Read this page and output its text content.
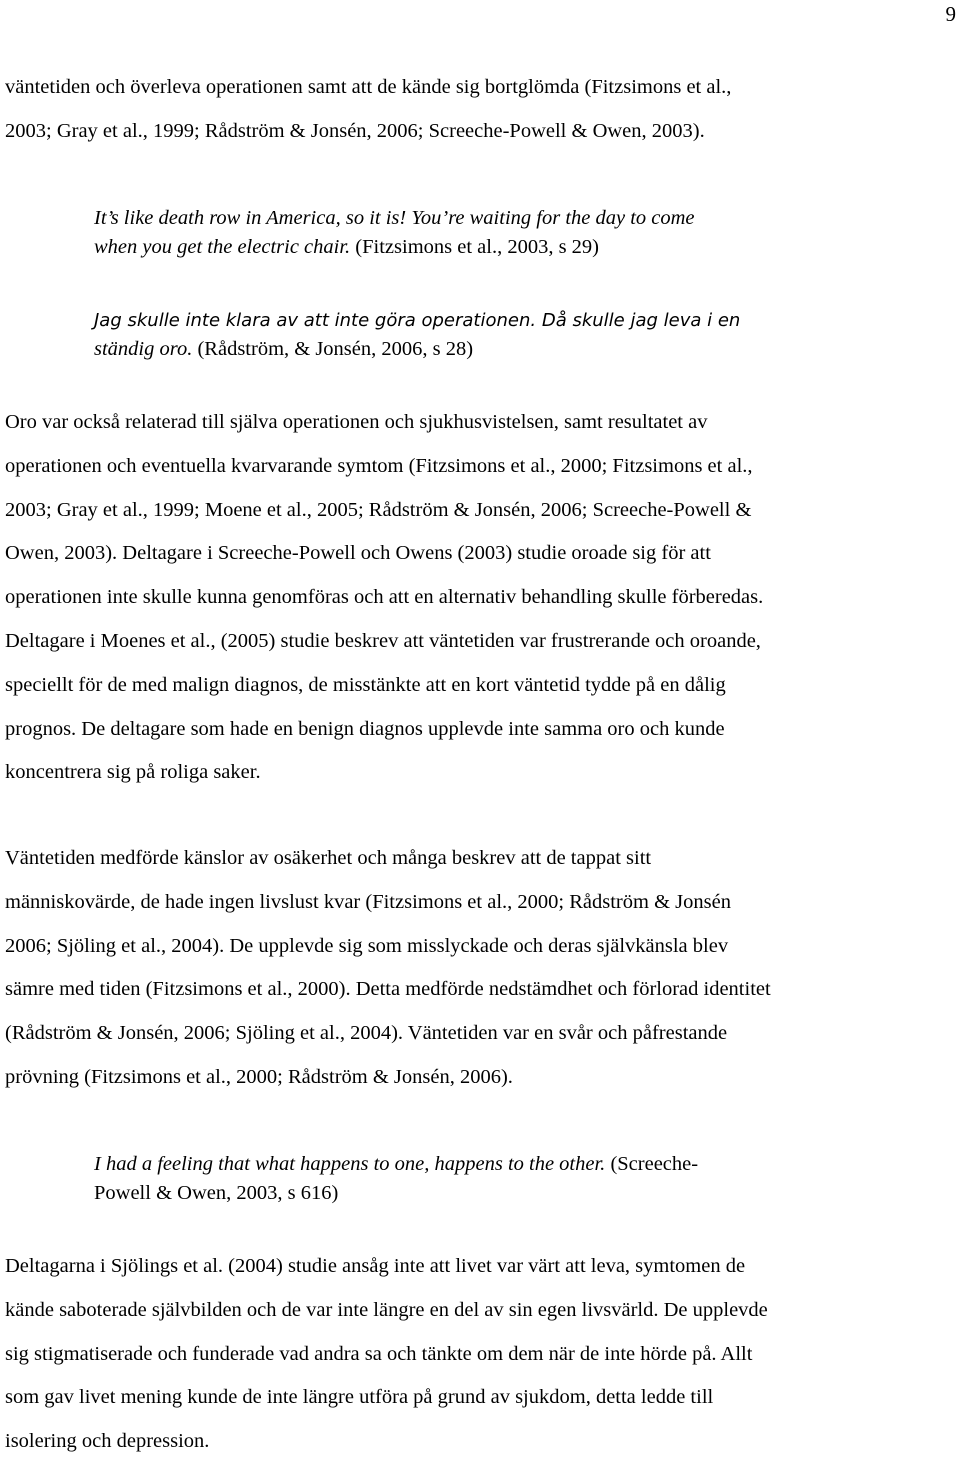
9
väntetiden och överleva operationen samt att de kände sig bortglömda (Fitzsimons et al.,
2003; Gray et al., 1999; Rådström & Jonsén, 2006; Screeche-Powell & Owen, 2003).
It’s like death row in America, so it is! You’re waiting for the day to come
when you get the electric chair. (Fitzsimons et al., 2003, s 29)
Jag skulle inte klara av att inte göra operationen. Då skulle jag leva i en
ständig oro. (Rådström, & Jonsén, 2006, s 28)
Oro var också relaterad till själva operationen och sjukhusvistelsen, samt resultatet av
operationen och eventuella kvarvarande symtom (Fitzsimons et al., 2000; Fitzsimons et al.,
2003; Gray et al., 1999; Moene et al., 2005; Rådström & Jonsén, 2006; Screeche-Powell &
Owen, 2003). Deltagare i Screeche-Powell och Owens (2003) studie oroade sig för att
operationen inte skulle kunna genomföras och att en alternativ behandling skulle förberedas.
Deltagare i Moenes et al., (2005) studie beskrev att väntetiden var frustrerande och oroande,
speciellt för de med malign diagnos, de misstänkte att en kort väntetid tydde på en dålig
prognos. De deltagare som hade en benign diagnos upplevde inte samma oro och kunde
koncentrera sig på roliga saker.
Väntetiden medförde känslor av osäkerhet och många beskrev att de tappat sitt
människovärde, de hade ingen livslust kvar (Fitzsimons et al., 2000; Rådström & Jonsén
2006; Sjöling et al., 2004). De upplevde sig som misslyckade och deras självkänsla blev
sämre med tiden (Fitzsimons et al., 2000). Detta medförde nedstämdhet och förlorad identitet
(Rådström & Jonsén, 2006; Sjöling et al., 2004). Väntetiden var en svår och påfrestande
prövning (Fitzsimons et al., 2000; Rådström & Jonsén, 2006).
I had a feeling that what happens to one, happens to the other. (Screeche-
Powell & Owen, 2003, s 616)
Deltagarna i Sjölings et al. (2004) studie ansåg inte att livet var värt att leva, symtomen de
kände saboterade självbilden och de var inte längre en del av sin egen livsvärld. De upplevde
sig stigmatiserade och funderade vad andra sa och tänkte om dem när de inte hörde på. Allt
som gav livet mening kunde de inte längre utföra på grund av sjukdom, detta ledde till
isolering och depression.
